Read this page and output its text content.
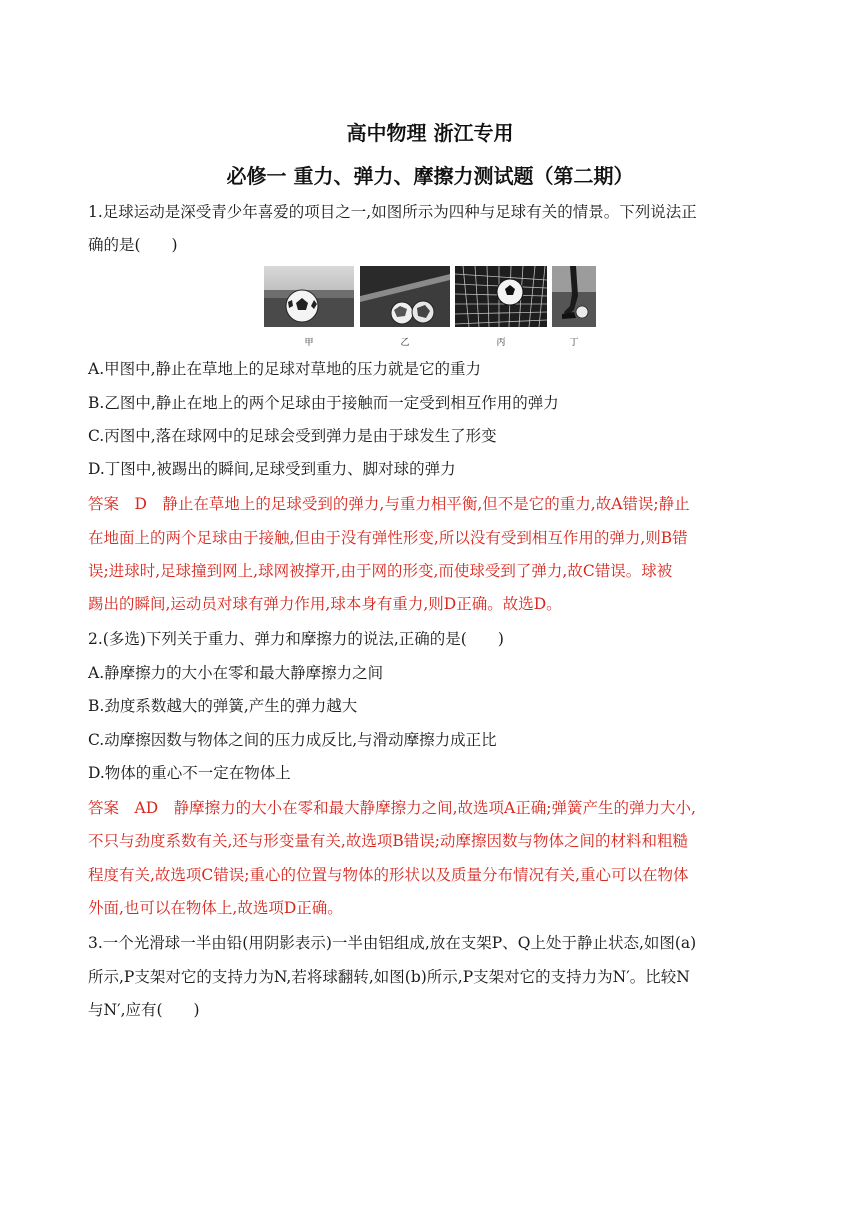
高中物理 浙江专用
必修一 重力、弹力、摩擦力测试题（第二期）
1.足球运动是深受青少年喜爱的项目之一,如图所示为四种与足球有关的情景。下列说法正
确的是(　　)
甲	乙	丙	丁
A.甲图中,静止在草地上的足球对草地的压力就是它的重力
B.乙图中,静止在地上的两个足球由于接触而一定受到相互作用的弹力
C.丙图中,落在球网中的足球会受到弹力是由于球发生了形变
D.丁图中,被踢出的瞬间,足球受到重力、脚对球的弹力
答案　D　静止在草地上的足球受到的弹力,与重力相平衡,但不是它的重力,故A错误;静止
在地面上的两个足球由于接触,但由于没有弹性形变,所以没有受到相互作用的弹力,则B错
误;进球时,足球撞到网上,球网被撑开,由于网的形变,而使球受到了弹力,故C错误。球被
踢出的瞬间,运动员对球有弹力作用,球本身有重力,则D正确。故选D。
2.(多选)下列关于重力、弹力和摩擦力的说法,正确的是(　　)
A.静摩擦力的大小在零和最大静摩擦力之间
B.劲度系数越大的弹簧,产生的弹力越大
C.动摩擦因数与物体之间的压力成反比,与滑动摩擦力成正比
D.物体的重心不一定在物体上
答案　AD　静摩擦力的大小在零和最大静摩擦力之间,故选项A正确;弹簧产生的弹力大小,
不只与劲度系数有关,还与形变量有关,故选项B错误;动摩擦因数与物体之间的材料和粗糙
程度有关,故选项C错误;重心的位置与物体的形状以及质量分布情况有关,重心可以在物体
外面,也可以在物体上,故选项D正确。
3.一个光滑球一半由铅(用阴影表示)一半由铝组成,放在支架P、Q上处于静止状态,如图(a)
所示,P支架对它的支持力为N,若将球翻转,如图(b)所示,P支架对它的支持力为N′。比较N
与N′,应有(　　)
